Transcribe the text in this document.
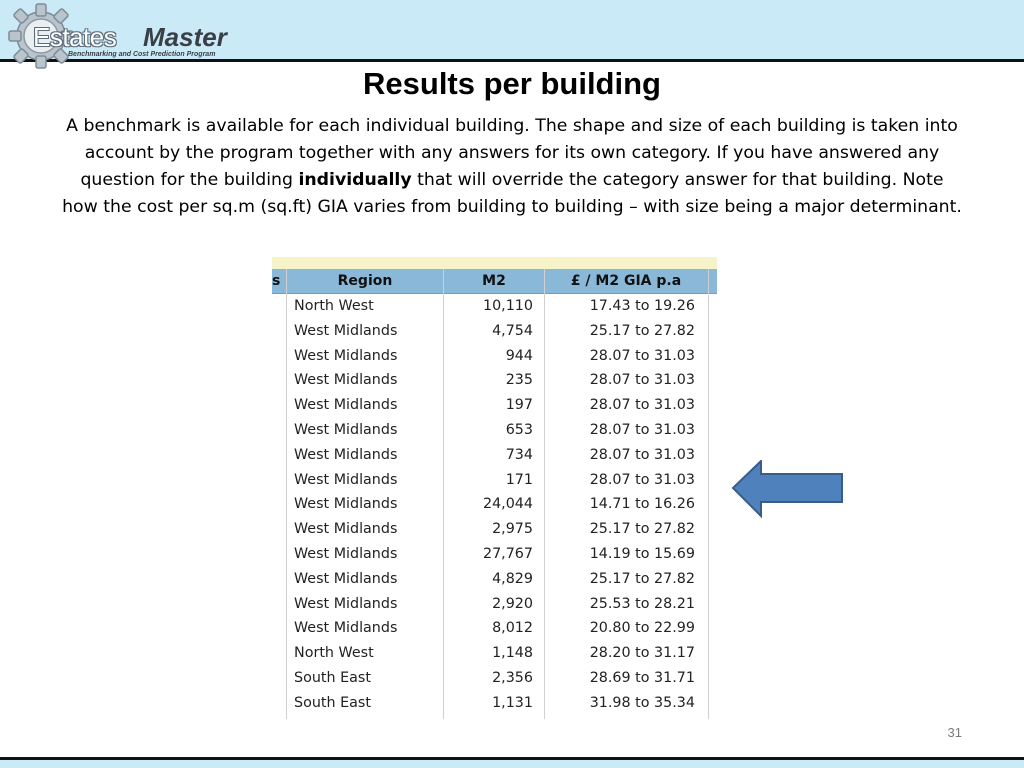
Estates Master
Benchmarking and Cost Prediction Program
Results per building
A benchmark is available for each individual building. The shape and size of each building is taken into account by the program together with any answers for its own category. If you have answered any question for the building individually that will override the category answer for that building. Note how the cost per sq.m (sq.ft) GIA varies from building to building – with size being a major determinant.
s	Region	M2	£ / M2 GIA p.a
North West	10,110	17.43 to 19.26
West Midlands	4,754	25.17 to 27.82
West Midlands	944	28.07 to 31.03
West Midlands	235	28.07 to 31.03
West Midlands	197	28.07 to 31.03
West Midlands	653	28.07 to 31.03
West Midlands	734	28.07 to 31.03
West Midlands	171	28.07 to 31.03
West Midlands	24,044	14.71 to 16.26
West Midlands	2,975	25.17 to 27.82
West Midlands	27,767	14.19 to 15.69
West Midlands	4,829	25.17 to 27.82
West Midlands	2,920	25.53 to 28.21
West Midlands	8,012	20.80 to 22.99
North West	1,148	28.20 to 31.17
South East	2,356	28.69 to 31.71
South East	1,131	31.98 to 35.34
31
